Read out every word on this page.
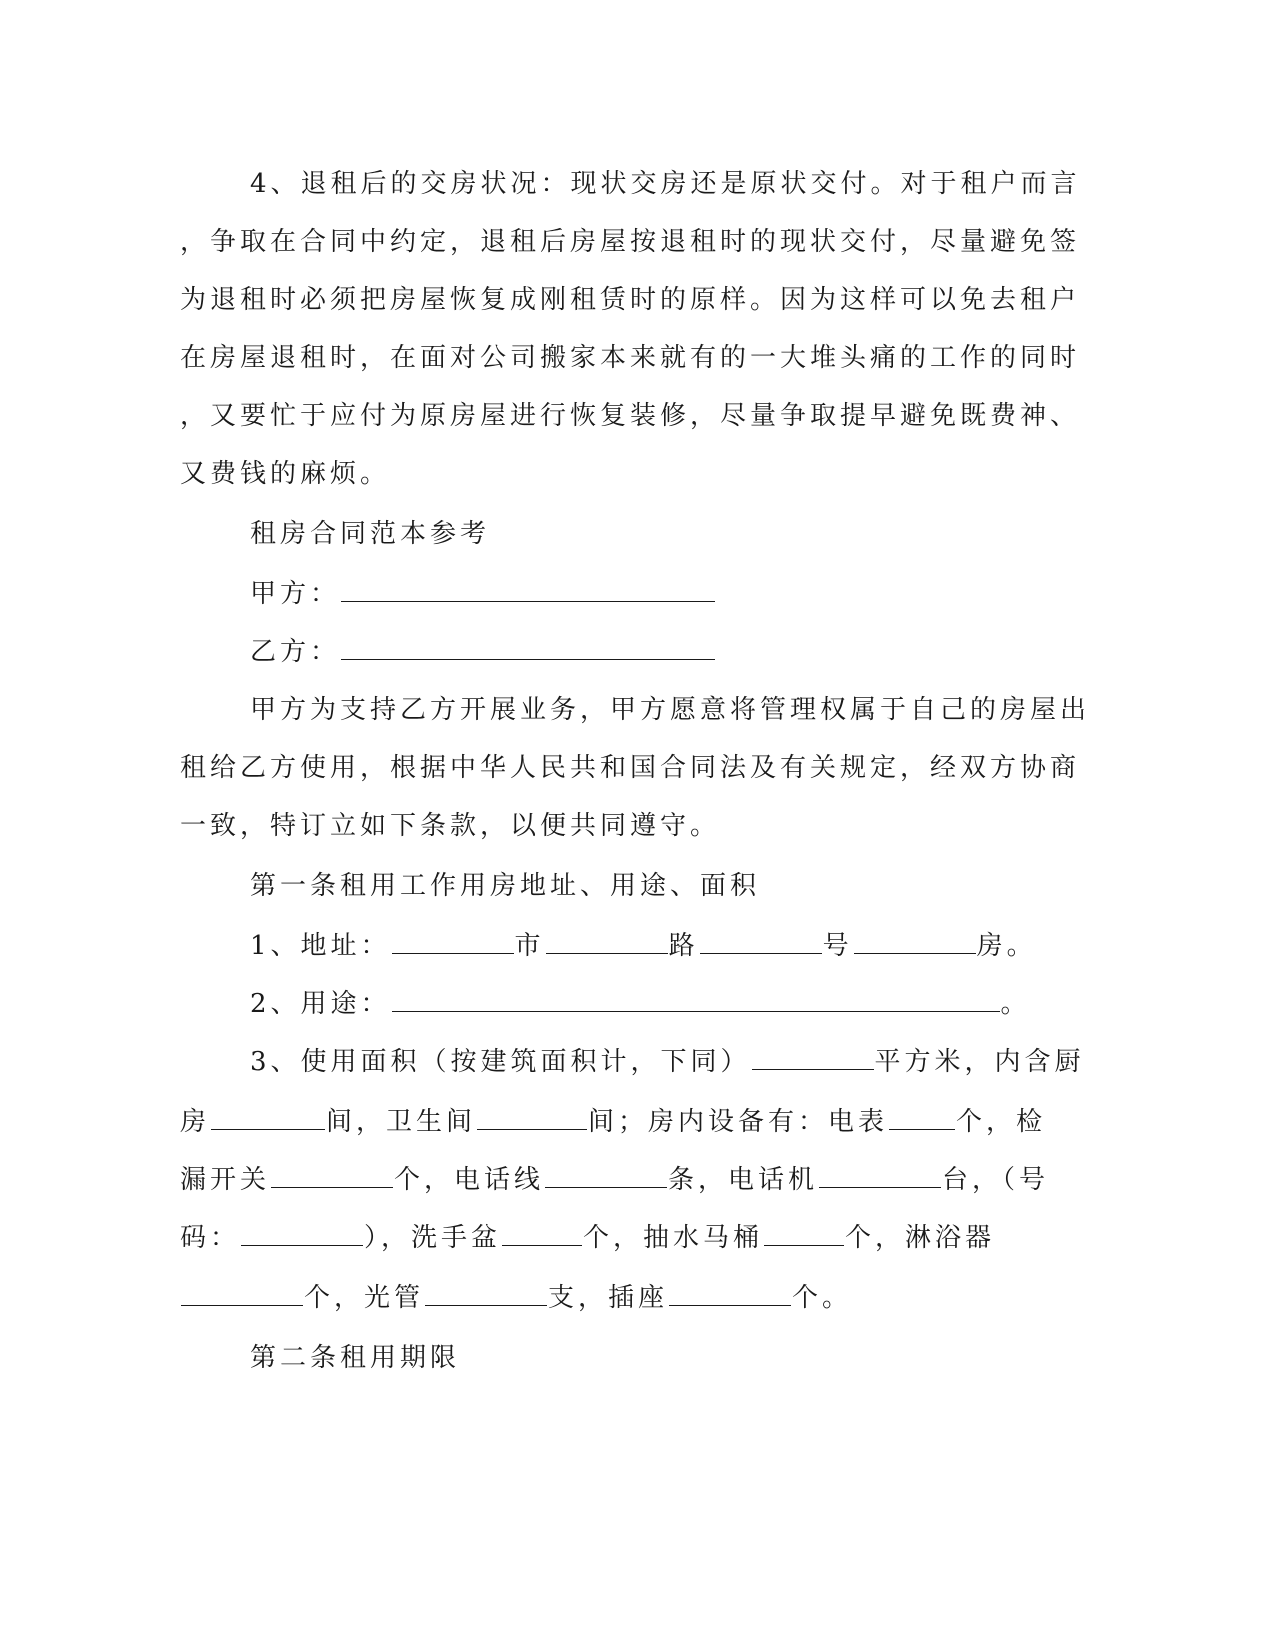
4、退租后的交房状况：现状交房还是原状交付。对于租户而言
，争取在合同中约定，退租后房屋按退租时的现状交付，尽量避免签
为退租时必须把房屋恢复成刚租赁时的原样。因为这样可以免去租户
在房屋退租时，在面对公司搬家本来就有的一大堆头痛的工作的同时
，又要忙于应付为原房屋进行恢复装修，尽量争取提早避免既费神、
又费钱的麻烦。
租房合同范本参考
甲方：
乙方：
甲方为支持乙方开展业务，甲方愿意将管理权属于自己的房屋出
租给乙方使用，根据中华人民共和国合同法及有关规定，经双方协商
一致，特订立如下条款，以便共同遵守。
第一条租用工作用房地址、用途、面积
1、地址：	市	路	号	房。
2、用途：	。
3、使用面积（按建筑面积计，下同）	平方米，内含厨
房	间，卫生间	间；房内设备有：电表	个，检
漏开关	个，电话线	条，电话机	台，（号
码：	），洗手盆	个，抽水马桶	个，淋浴器
个，光管	支，插座	个。
第二条租用期限
